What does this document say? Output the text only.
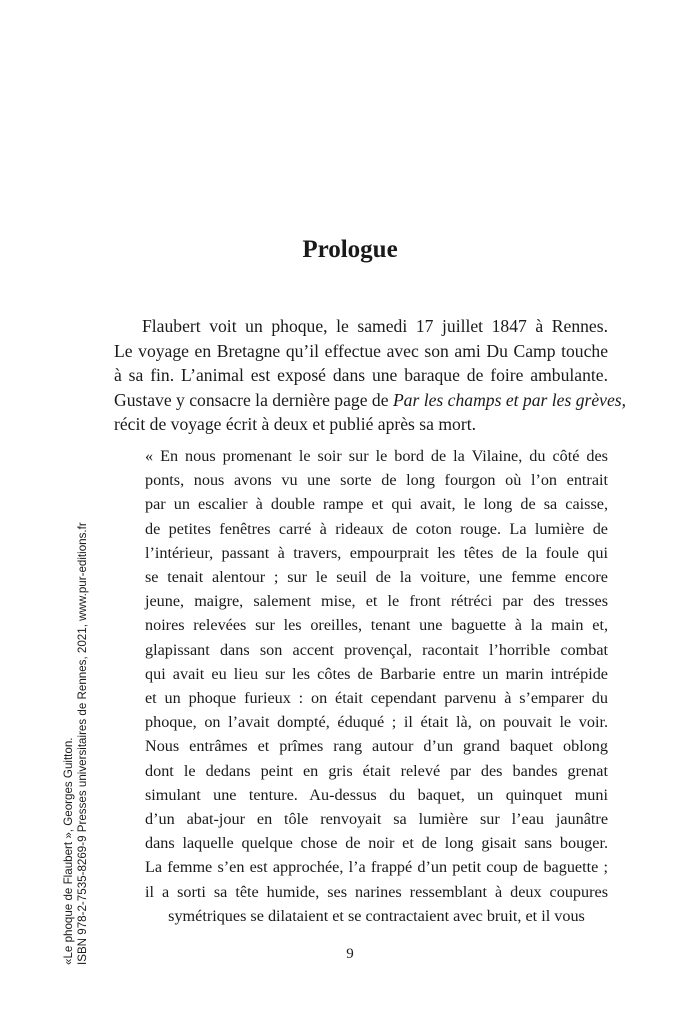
Prologue

Flaubert voit un phoque, le samedi 17 juillet 1847 à Rennes.
Le voyage en Bretagne qu’il effectue avec son ami Du Camp touche
à sa fin. L’animal est exposé dans une baraque de foire ambulante.
Gustave y consacre la dernière page de Par les champs et par les grèves,
récit de voyage écrit à deux et publié après sa mort.

« En nous promenant le soir sur le bord de la Vilaine, du côté des
ponts, nous avons vu une sorte de long fourgon où l’on entrait
par un escalier à double rampe et qui avait, le long de sa caisse,
de petites fenêtres carré à rideaux de coton rouge. La lumière de
l’intérieur, passant à travers, empourprait les têtes de la foule qui
se tenait alentour ; sur le seuil de la voiture, une femme encore
jeune, maigre, salement mise, et le front rétréci par des tresses
noires relevées sur les oreilles, tenant une baguette à la main et,
glapissant dans son accent provençal, racontait l’horrible combat
qui avait eu lieu sur les côtes de Barbarie entre un marin intrépide
et un phoque furieux : on était cependant parvenu à s’emparer du
phoque, on l’avait dompté, éduqué ; il était là, on pouvait le voir.
Nous entrâmes et prîmes rang autour d’un grand baquet oblong
dont le dedans peint en gris était relevé par des bandes grenat
simulant une tenture. Au-dessus du baquet, un quinquet muni
d’un abat-jour en tôle renvoyait sa lumière sur l’eau jaunâtre
dans laquelle quelque chose de noir et de long gisait sans bouger.
La femme s’en est approchée, l’a frappé d’un petit coup de baguette ;
il a sorti sa tête humide, ses narines ressemblant à deux coupures
symétriques se dilataient et se contractaient avec bruit, et il vous
9
«Le phoque de Flaubert », Georges Guitton. ISBN 978-2-7535-8269-9 Presses universitaires de Rennes, 2021, www.pur-editions.fr
